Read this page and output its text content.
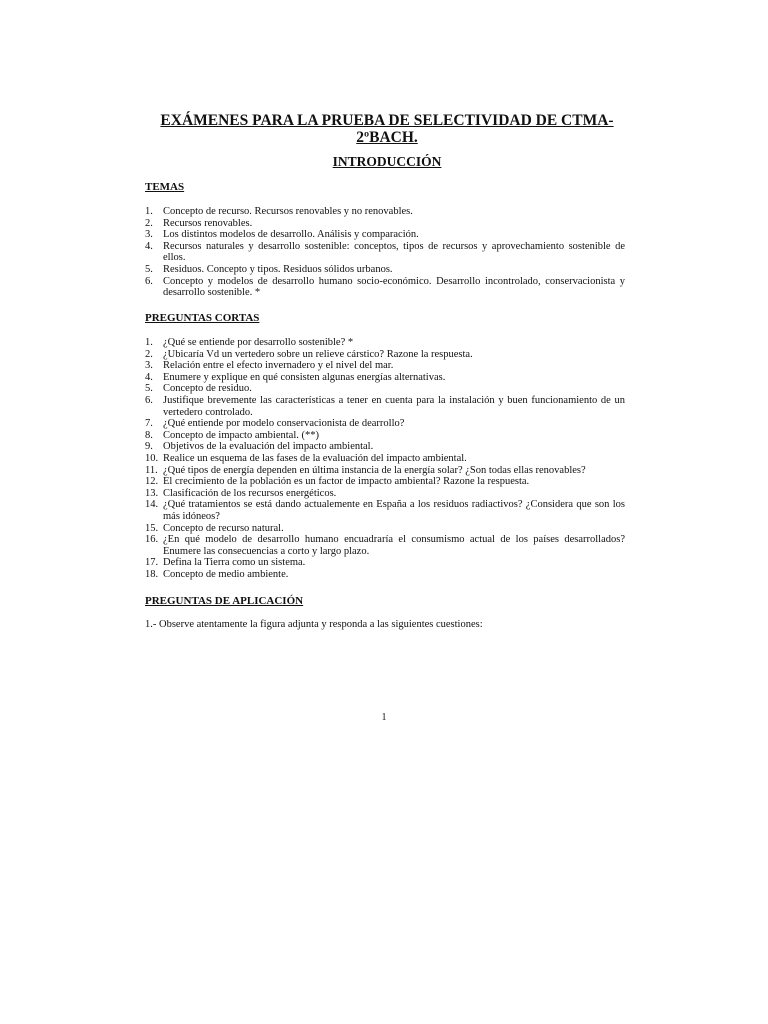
EXÁMENES PARA LA PRUEBA DE SELECTIVIDAD DE CTMA-2ºBACH.
INTRODUCCIÓN
TEMAS
1. Concepto de recurso. Recursos renovables y no renovables.
2. Recursos renovables.
3. Los distintos modelos de desarrollo. Análisis y comparación.
4. Recursos naturales y desarrollo sostenible: conceptos, tipos de recursos y aprovechamiento sostenible de ellos.
5. Residuos. Concepto y tipos. Residuos sólidos urbanos.
6. Concepto y modelos de desarrollo humano socio-económico. Desarrollo incontrolado, conservacionista y desarrollo sostenible. *
PREGUNTAS CORTAS
1. ¿Qué se entiende por desarrollo sostenible? *
2. ¿Ubicaría Vd un vertedero sobre un relieve cárstico? Razone la respuesta.
3. Relación entre el efecto invernadero y el nivel del mar.
4. Enumere y explique en qué consisten algunas energías alternativas.
5. Concepto de residuo.
6. Justifique brevemente las características a tener en cuenta para la instalación y buen funcionamiento de un vertedero controlado.
7. ¿Qué entiende por modelo conservacionista de dearrollo?
8. Concepto de impacto ambiental. (**)
9. Objetivos de la evaluación del impacto ambiental.
10. Realice un esquema de las fases de la evaluación del impacto ambiental.
11. ¿Qué tipos de energía dependen en última instancia de la energía solar? ¿Son todas ellas renovables?
12. El crecimiento de la población es un factor de impacto ambiental? Razone la respuesta.
13. Clasificación de los recursos energéticos.
14. ¿Qué tratamientos se está dando actualemente en España a los residuos radiactivos? ¿Considera que son los más idóneos?
15. Concepto de recurso natural.
16. ¿En qué modelo de desarrollo humano encuadraría el consumismo actual de los países desarrollados? Enumere las consecuencias a corto y largo plazo.
17. Defina la Tierra como un sistema.
18. Concepto de medio ambiente.
PREGUNTAS DE APLICACIÓN

1.- Observe atentamente la figura adjunta y responda a las siguientes cuestiones:

1
